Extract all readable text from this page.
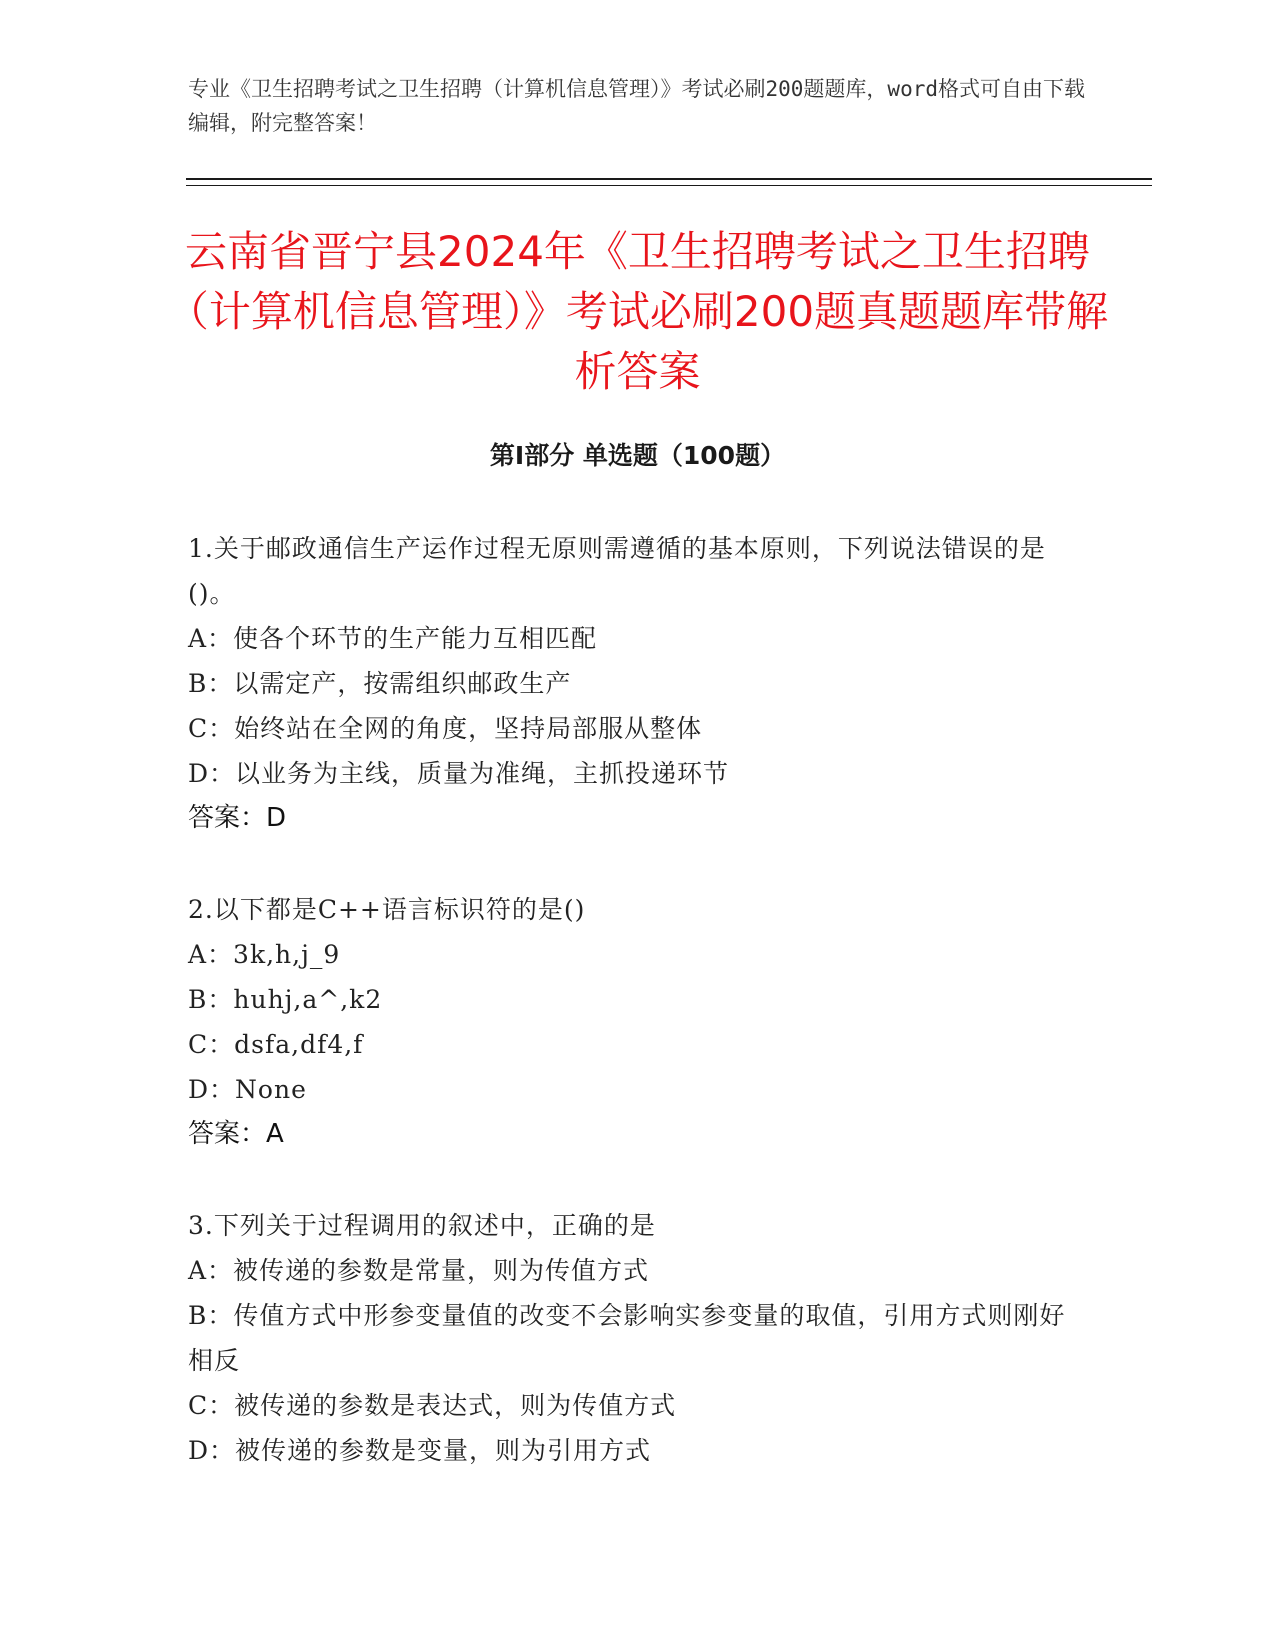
专业《卫生招聘考试之卫生招聘（计算机信息管理）》考试必刷200题题库，word格式可自由下载编辑，附完整答案！

云南省晋宁县2024年《卫生招聘考试之卫生招聘（计算机信息管理）》考试必刷200题真题题库带解析答案
第Ⅰ部分 单选题（100题）
1.关于邮政通信生产运作过程无原则需遵循的基本原则，下列说法错误的是()。
A：使各个环节的生产能力互相匹配
B：以需定产，按需组织邮政生产
C：始终站在全网的角度，坚持局部服从整体
D：以业务为主线，质量为准绳，主抓投递环节
答案：D
2.以下都是C++语言标识符的是()
A：3k,h,j_9
B：huhj,a^,k2
C：dsfa,df4,f
D：None
答案：A
3.下列关于过程调用的叙述中，正确的是
A：被传递的参数是常量，则为传值方式
B：传值方式中形参变量值的改变不会影响实参变量的取值，引用方式则刚好相反
C：被传递的参数是表达式，则为传值方式
D：被传递的参数是变量，则为引用方式
